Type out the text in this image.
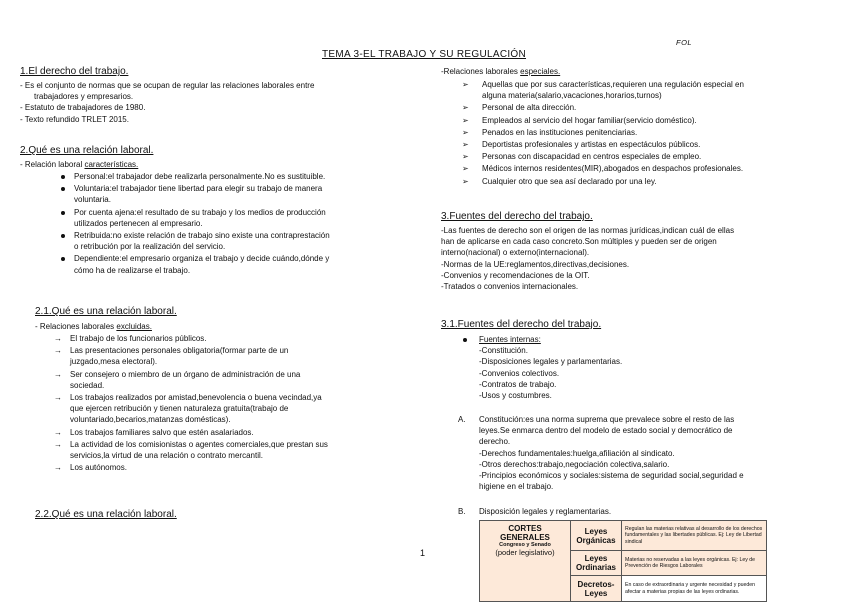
FOL
TEMA 3-EL TRABAJO Y SU REGULACIÓN
1.El derecho del trabajo.
- Es el conjunto de normas que se ocupan de regular las relaciones laborales entre
trabajadores y empresarios.
- Estatuto de trabajadores de 1980.
- Texto refundido TRLET 2015.
2.Qué es una relación laboral.
- Relación laboral características.
Personal:el trabajador debe realizarla personalmente.No es sustituible.
Voluntaria:el trabajador tiene libertad para elegir su trabajo de manera
voluntaria.
Por cuenta ajena:el resultado de su trabajo y los medios de producción
utilizados pertenecen al empresario.
Retribuida:no existe relación de trabajo sino existe una contraprestación
o retribución por la realización del servicio.
Dependiente:el empresario organiza el trabajo y decide cuándo,dónde y
cómo ha de realizarse el trabajo.
2.1.Qué es una relación laboral.
- Relaciones laborales excluidas.
→ El trabajo de los funcionarios públicos.
→ Las presentaciones personales obligatoria(formar parte de un
juzgado,mesa electoral).
→ Ser consejero o miembro de un órgano de administración de una
sociedad.
→ Los trabajos realizados por amistad,benevolencia o buena vecindad,ya
que ejercen retribución y tienen naturaleza gratuita(trabajo de
voluntariado,becarios,matanzas domésticas).
→ Los trabajos familiares salvo que estén asalariados.
→ La actividad de los comisionistas o agentes comerciales,que prestan sus
servicios,la virtud de una relación o contrato mercantil.
→ Los autónomos.
2.2.Qué es una relación laboral.
1
-Relaciones laborales especiales.
➢ Aquellas que por sus características,requieren una regulación especial en
alguna materia(salario,vacaciones,horarios,turnos)
➢ Personal de alta dirección.
➢ Empleados al servicio del hogar familiar(servicio doméstico).
➢ Penados en las instituciones penitenciarias.
➢ Deportistas profesionales y artistas en espectáculos públicos.
➢ Personas con discapacidad en centros especiales de empleo.
➢ Médicos internos residentes(MIR),abogados en despachos profesionales.
➢ Cualquier otro que sea así declarado por una ley.
3.Fuentes del derecho del trabajo.
-Las fuentes de derecho son el origen de las normas jurídicas,indican cuál de ellas
han de aplicarse en cada caso concreto.Son múltiples y pueden ser de origen
interno(nacional) o externo(internacional).
-Normas de la UE:reglamentos,directivas,decisiones.
-Convenios y recomendaciones de la OIT.
-Tratados o convenios internacionales.
3.1.Fuentes del derecho del trabajo.
Fuentes internas:
-Constitución.
-Disposiciones legales y parlamentarias.
-Convenios colectivos.
-Contratos de trabajo.
-Usos y costumbres.
A.	Constitución:es una norma suprema que prevalece sobre el resto de las
leyes.Se enmarca dentro del modelo de estado social y democrático de
derecho.
-Derechos fundamentales:huelga,afiliación al sindicato.
-Otros derechos:trabajo,negociación colectiva,salario.
-Principios económicos y sociales:sistema de seguridad social,seguridad e
higiene en el trabajo.
B.	Disposición legales y reglamentarias.
CORTES GENERALES
Congreso y Senado
(poder legislativo)	Leyes Orgánicas	Regulan las materias relativas al desarrollo de los derechos fundamentales y las libertades públicas. Ej: Ley de Libertad sindical
	Leyes Ordinarias	Materias no reservadas a las leyes orgánicas. Ej: Ley de Prevención de Riesgos Laborales
	Decretos-Leyes	En caso de extraordinaria y urgente necesidad y pueden afectar a materias propias de las leyes ordinarias.
